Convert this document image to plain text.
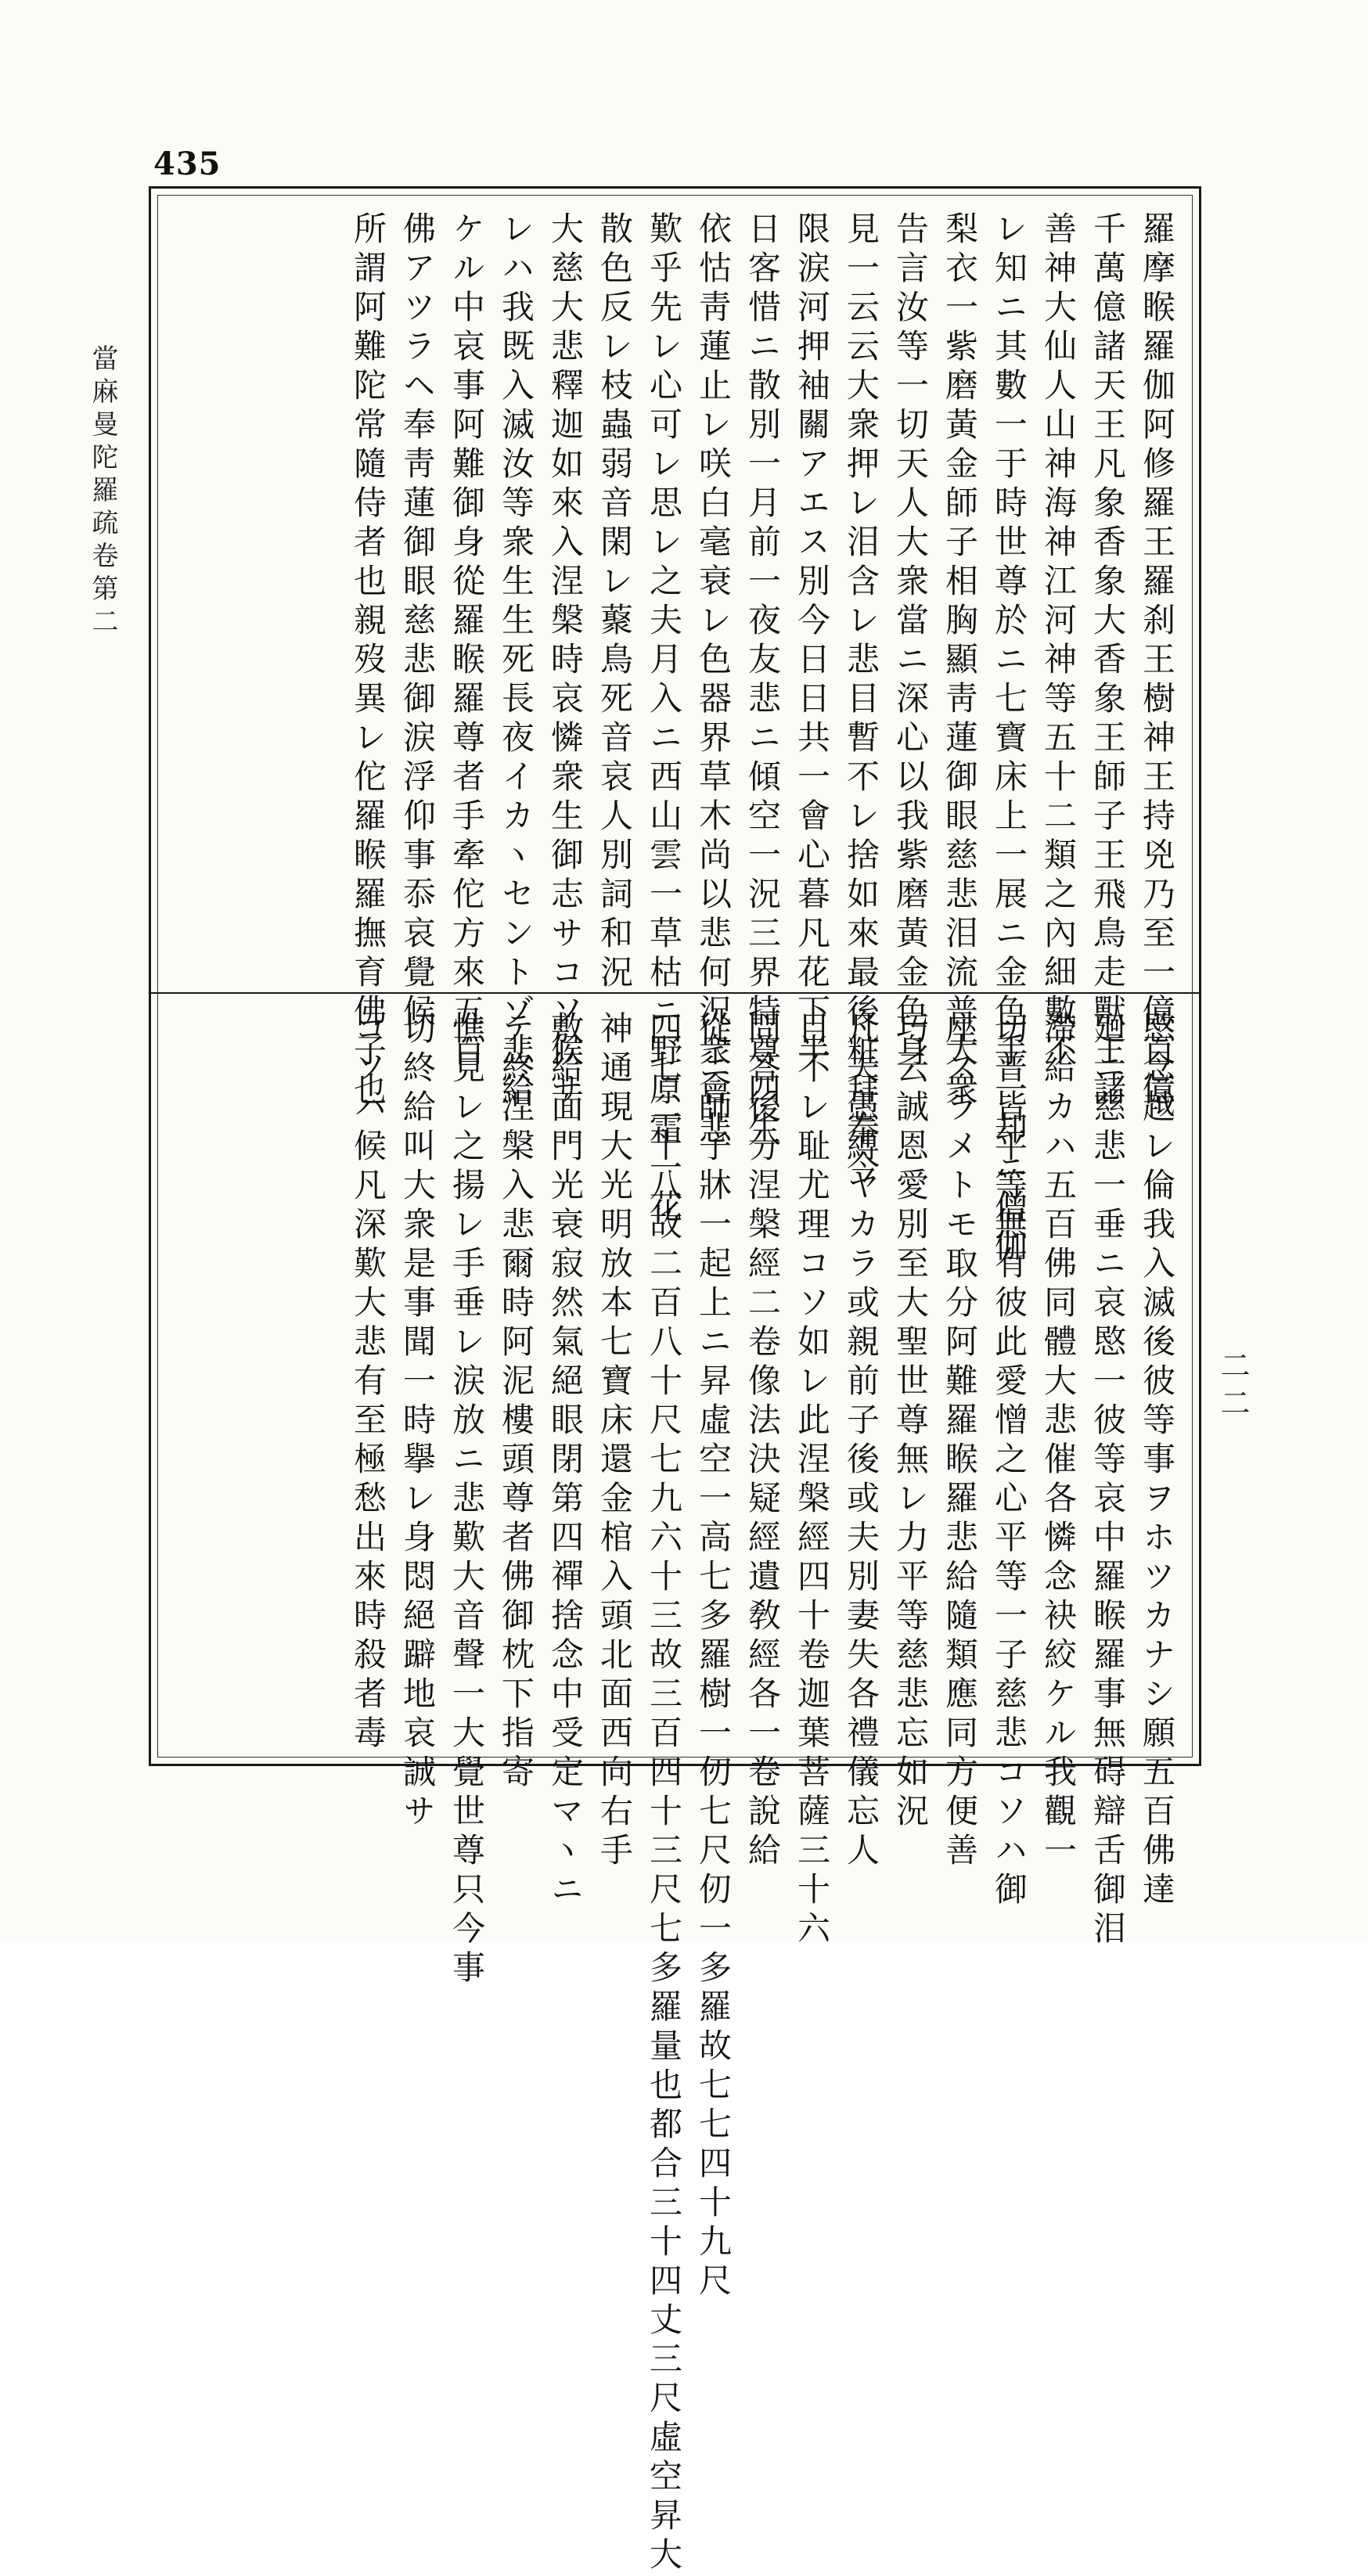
435
當麻曼陀羅疏卷第二
二二
羅摩睺羅伽阿修羅王羅刹王樹神王持兇乃至一億百億
千萬億諸天王凡象香象大香象王師子王飛鳥走獸王諸
善神大仙人山神海神江河神等五十二類之內細數不
レ知ニ其數一于時世尊於ニ七寶床上一展ニ金色手一却ニ僧伽
梨衣一紫磨黃金師子相胸顯靑蓮御眼慈悲泪流普大衆
告言汝等一切天人大衆當ニ深心以我紫磨黃金色身
見一云云大衆押レ泪含レ悲目暫不レ捨如來最後粧拜奉今
限涙河押袖關アエス別今日日共一會心暮凡花下半
日客惜ニ散別一月前一夜友悲ニ傾空一況三界特尊四生
依怙靑蓮止レ咲白毫衰レ色器界草木尚以悲何況衆會悲
歎乎先レ心可レ思レ之夫月入ニ西山雲一草枯ニ野原霜一花
散色反レ枝蟲弱音閑レ藂鳥死音哀人別詞和況
大慈大悲釋迦如來入涅槃時哀憐衆生御志サコソ候サ
レハ我既入滅汝等衆生生死長夜イカヽセントゾ悲給
ケル中哀事阿難御身從羅睺羅尊者手牽佗方來五百
佛アツラヘ奉靑蓮御眼慈悲御涙浮仰事忝哀覺候
所謂阿難陀常隨侍者也親歿異レ佗羅睺羅撫育佛子也
愍念越レ倫我入滅後彼等事ヲホツカナシ願五百佛達
廻ニ慈悲一垂ニ哀愍一彼等哀中羅睺羅事無碍辯舌御泪
滯給カハ五百佛同體大悲催各憐念袂絞ケル我觀一
切普皆平等無有彼此愛憎之心平等一子慈悲コソハ御
座スラメトモ取分阿難羅睺羅悲給隨類應同方便善
巧云誠恩愛別至大聖世尊無レ力平等慈悲忘如況
凡夫愚縛ヤカラ或親前子後或夫別妻失各禮儀忘人
目不レ耻尤理コソ如レ此涅槃經四十卷迦葉菩薩三十六
問答後分涅槃經二卷像法決疑經遺敎經各一卷說給
從ニ師子牀一起上ニ昇虛空一高七多羅樹一仞七尺仞一多羅故七七四十九尺
四七二十八故二百八十尺七九六十三故三百四十三尺七多羅量也都合三十四丈三尺虛空昇大
神通現大光明放本七寶床還金棺入頭北面西向右手
敷給面門光衰寂然氣絕眼閉第四禪捨念中受定マヽニ
テ終涅槃入悲爾時阿泥樓頭尊者佛御枕下指寄
憔見レ之揚レ手垂レ涙放ニ悲歎大音聲一大覺世尊只今事
切終給叫大衆是事聞一時擧レ身悶絕躃地哀誠サ
コソハ候凡深歎大悲有至極愁出來時殺者毒
